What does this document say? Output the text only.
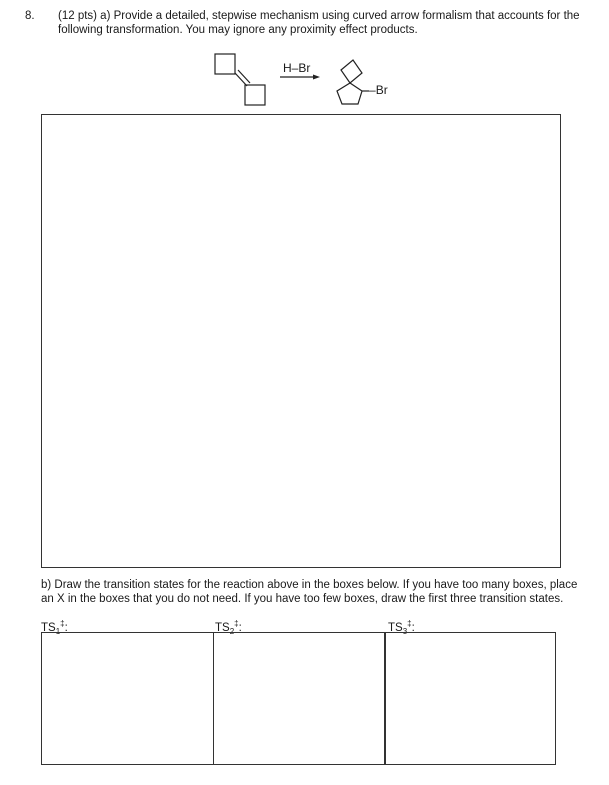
8. (12 pts) a) Provide a detailed, stepwise mechanism using curved arrow formalism that accounts for the
following transformation. You may ignore any proximity effect products.
H–Br
–Br
b) Draw the transition states for the reaction above in the boxes below. If you have too many boxes, place
an X in the boxes that you do not need. If you have too few boxes, draw the first three transition states.
$TS_1^\ddagger$:	$TS_2^\ddagger$:	$TS_3^\ddagger$:
